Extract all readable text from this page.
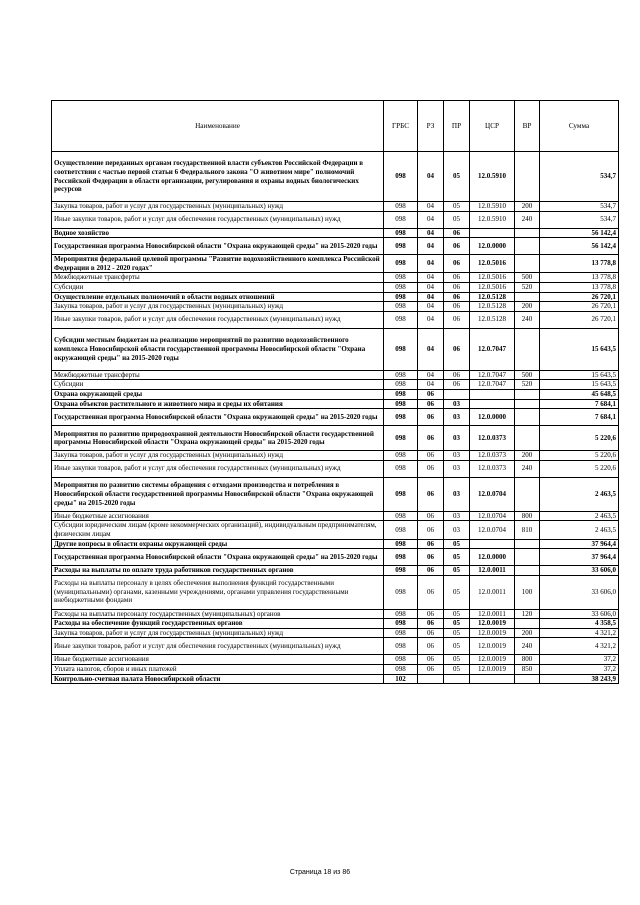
Наименование	ГРБС	РЗ	ПР	ЦСР	ВР	Сумма
Осуществление переданных органам государственной власти субъектов Российской Федерации в соответствии с частью первой статьи 6 Федерального закона "О животном мире" полномочий Российской Федерации в области организации, регулирования и охраны водных биологических ресурсов	098	04	05	12.0.5910		534,7
Закупка товаров, работ и услуг для государственных (муниципальных) нужд	098	04	05	12.0.5910	200	534,7
Иные закупки товаров, работ и услуг для обеспечения государственных (муниципальных) нужд	098	04	05	12.0.5910	240	534,7
Водное хозяйство	098	04	06			56 142,4
Государственная программа Новосибирской области "Охрана окружающей среды" на 2015-2020 годы	098	04	06	12.0.0000		56 142,4
Мероприятия федеральной целевой программы "Развитие водохозяйственного комплекса Российской Федерации в 2012 - 2020 годах"	098	04	06	12.0.5016		13 778,8
Межбюджетные трансферты	098	04	06	12.0.5016	500	13 778,8
Субсидии	098	04	06	12.0.5016	520	13 778,8
Осуществление отдельных полномочий в области водных отношений	098	04	06	12.0.5128		26 720,1
Закупка товаров, работ и услуг для государственных (муниципальных) нужд	098	04	06	12.0.5128	200	26 720,1
Иные закупки товаров, работ и услуг для обеспечения государственных (муниципальных) нужд	098	04	06	12.0.5128	240	26 720,1
Субсидии местным бюджетам на реализацию мероприятий по развитию водохозяйственного комплекса Новосибирской области государственной программы Новосибирской области "Охрана окружающей среды" на 2015-2020 годы	098	04	06	12.0.7047		15 643,5
Межбюджетные трансферты	098	04	06	12.0.7047	500	15 643,5
Субсидии	098	04	06	12.0.7047	520	15 643,5
Охрана окружающей среды	098	06				45 648,5
Охрана объектов растительного и животного мира и среды их обитания	098	06	03			7 684,1
Государственная программа Новосибирской области "Охрана окружающей среды" на 2015-2020 годы	098	06	03	12.0.0000		7 684,1
Мероприятия по развитию природоохранной деятельности Новосибирской области государственной программы Новосибирской области "Охрана окружающей среды" на 2015-2020 годы	098	06	03	12.0.0373		5 220,6
Закупка товаров, работ и услуг для государственных (муниципальных) нужд	098	06	03	12.0.0373	200	5 220,6
Иные закупки товаров, работ и услуг для обеспечения государственных (муниципальных) нужд	098	06	03	12.0.0373	240	5 220,6
Мероприятия по развитию системы обращения с отходами производства и потребления в Новосибирской области государственной программы Новосибирской области "Охрана окружающей среды" на 2015-2020 годы	098	06	03	12.0.0704		2 463,5
Иные бюджетные ассигнования	098	06	03	12.0.0704	800	2 463,5
Субсидии юридическим лицам (кроме некоммерческих организаций), индивидуальным предпринимателям, физическим лицам	098	06	03	12.0.0704	810	2 463,5
Другие вопросы в области охраны окружающей среды	098	06	05			37 964,4
Государственная программа Новосибирской области "Охрана окружающей среды" на 2015-2020 годы	098	06	05	12.0.0000		37 964,4
Расходы на выплаты по оплате труда работников государственных органов	098	06	05	12.0.0011		33 606,0
Расходы на выплаты персоналу в целях обеспечения выполнения функций государственными (муниципальными) органами, казенными учреждениями, органами управления государственными внебюджетными фондами	098	06	05	12.0.0011	100	33 606,0
Расходы на выплаты персоналу государственных (муниципальных) органов	098	06	05	12.0.0011	120	33 606,0
Расходы на обеспечение функций государственных органов	098	06	05	12.0.0019		4 358,5
Закупка товаров, работ и услуг для государственных (муниципальных) нужд	098	06	05	12.0.0019	200	4 321,2
Иные закупки товаров, работ и услуг для обеспечения государственных (муниципальных) нужд	098	06	05	12.0.0019	240	4 321,2
Иные бюджетные ассигнования	098	06	05	12.0.0019	800	37,2
Уплата налогов, сборов и иных платежей	098	06	05	12.0.0019	850	37,2
Контрольно-счетная палата Новосибирской области	102					38 243,9
Страница 18 из 86
